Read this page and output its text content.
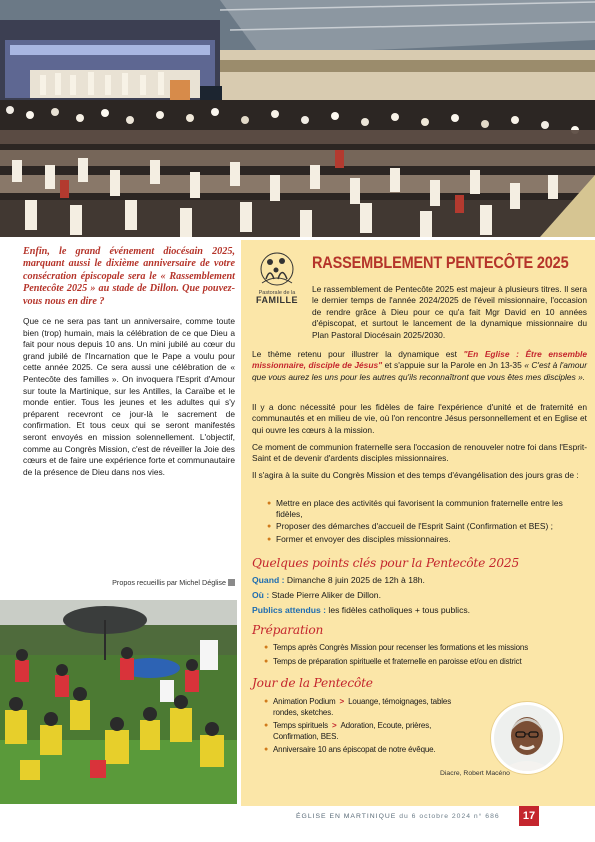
Enfin, le grand événement diocésain 2025, marquant aussi le dixième anniversaire de votre consécration épiscopale sera le « Rassemblement Pentecôte 2025 » au stade de Dillon. Que pouvez-vous nous en dire ?

Que ce ne sera pas tant un anniversaire, comme toute bien (trop) humain, mais la célébration de ce que Dieu a fait pour nous depuis 10 ans. Un mini jubilé au cœur du grand jubilé de l'Incarnation que le Pape a voulu pour cette année 2025. Ce sera aussi une célébration de « Pentecôte des familles ». On invoquera l'Esprit d'Amour sur toute la Martinique, sur les Antilles, la Caraïbe et le monde entier. Tous les jeunes et les adultes qui s'y préparent recevront ce jour-là le sacrement de confirmation. Et tous ceux qui se seront manifestés seront envoyés en mission solennellement. L'objectif, comme au Congrès Mission, c'est de réveiller la Joie des cœurs et de faire une expérience forte et communautaire de la présence de Dieu dans nos vies.

Propos recueillis par Michel Déglise
Pastorale de la
FAMILLE
RASSEMBLEMENT PENTECÔTE 2025

Le rassemblement de Pentecôte 2025 est majeur à plusieurs titres. Il sera le dernier temps de l'année 2024/2025 de l'éveil missionnaire, l'occasion de rendre grâce à Dieu pour ce qu'a fait Mgr David en 10 années d'épiscopat, et surtout le lancement de la dynamique missionnaire du Plan Pastoral Diocésain 2025/2030.

Le thème retenu pour illustrer la dynamique est "En Eglise : Être ensemble missionnaire, disciple de Jésus" et s'appuie sur la Parole en Jn 13-35 « C'est à l'amour que vous aurez les uns pour les autres qu'ils reconnaîtront que vous êtes mes disciples ».

Il y a donc nécessité pour les fidèles de faire l'expérience d'unité et de fraternité en communautés et en milieu de vie, où l'on rencontre Jésus personnellement et en Eglise et qui ouvre les cœurs à la mission.

Ce moment de communion fraternelle sera l'occasion de renouveler notre foi dans l'Esprit-Saint et de devenir d'ardents disciples missionnaires.

Il s'agira à la suite du Congrès Mission et des temps d'évangélisation des jours gras de :

● Mettre en place des activités qui favorisent la communion fraternelle entre les fidèles,
● Proposer des démarches d'accueil de l'Esprit Saint (Confirmation et BES) ;
● Former et envoyer des disciples missionnaires.
Quelques points clés pour la Pentecôte 2025
Quand : Dimanche 8 juin 2025 de 12h à 18h.
Où : Stade Pierre Aliker de Dillon.
Publics attendus : les fidèles catholiques + tous publics.
Préparation
● Temps après Congrès Mission pour recenser les formations et les missions
● Temps de préparation spirituelle et fraternelle en paroisse et/ou en district
Jour de la Pentecôte
● Animation Podium > Louange, témoignages, tables
rondes, sketches.
● Temps spirituels > Adoration, Ecoute, prières,
Confirmation, BES.
● Anniversaire 10 ans épiscopat de notre évêque.
Diacre, Robert Macéno
ÉGLISE EN MARTINIQUE du 6 octobre 2024 n° 686	17
